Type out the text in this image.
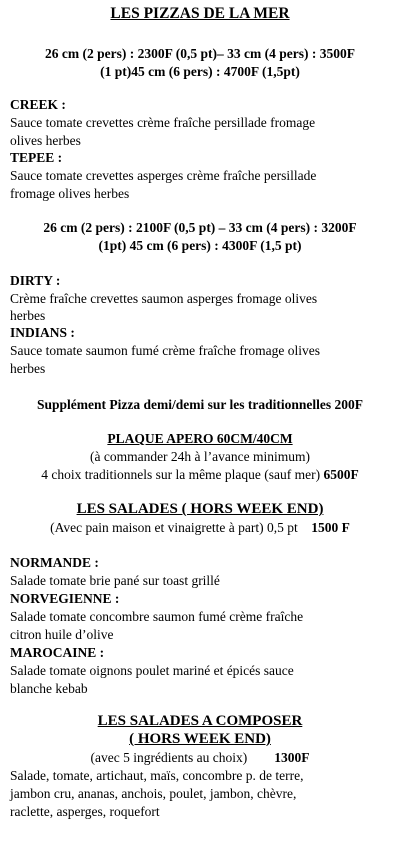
LES PIZZAS DE LA MER
26 cm (2 pers) : 2300F (0,5 pt)– 33 cm (4 pers) : 3500F
(1 pt)45 cm (6 pers) : 4700F (1,5pt)
CREEK :
Sauce tomate crevettes crème fraîche persillade fromage
olives herbes
TEPEE :
Sauce tomate crevettes asperges crème fraîche persillade
fromage olives herbes
26 cm (2 pers) : 2100F (0,5 pt) – 33 cm (4 pers) : 3200F
(1pt) 45 cm (6 pers) : 4300F (1,5 pt)
DIRTY :
Crème fraîche crevettes saumon asperges fromage olives
herbes
INDIANS :
Sauce tomate saumon fumé crème fraîche fromage olives
herbes
Supplément Pizza demi/demi sur les traditionnelles 200F
PLAQUE APERO 60CM/40CM
(à commander 24h à l’avance minimum)
4 choix traditionnels sur la même plaque (sauf mer) 6500F
LES SALADES ( HORS WEEK END)
(Avec pain maison et vinaigrette à part) 0,5 pt 1500 F
NORMANDE :
Salade tomate brie pané sur toast grillé
NORVEGIENNE :
Salade tomate concombre saumon fumé crème fraîche
citron huile d’olive
MAROCAINE :
Salade tomate oignons poulet mariné et épicés sauce
blanche kebab
LES SALADES A COMPOSER
( HORS WEEK END)
(avec 5 ingrédients au choix) 1300F
Salade, tomate, artichaut, maïs, concombre p. de terre,
jambon cru, ananas, anchois, poulet, jambon, chèvre,
raclette, asperges, roquefort
